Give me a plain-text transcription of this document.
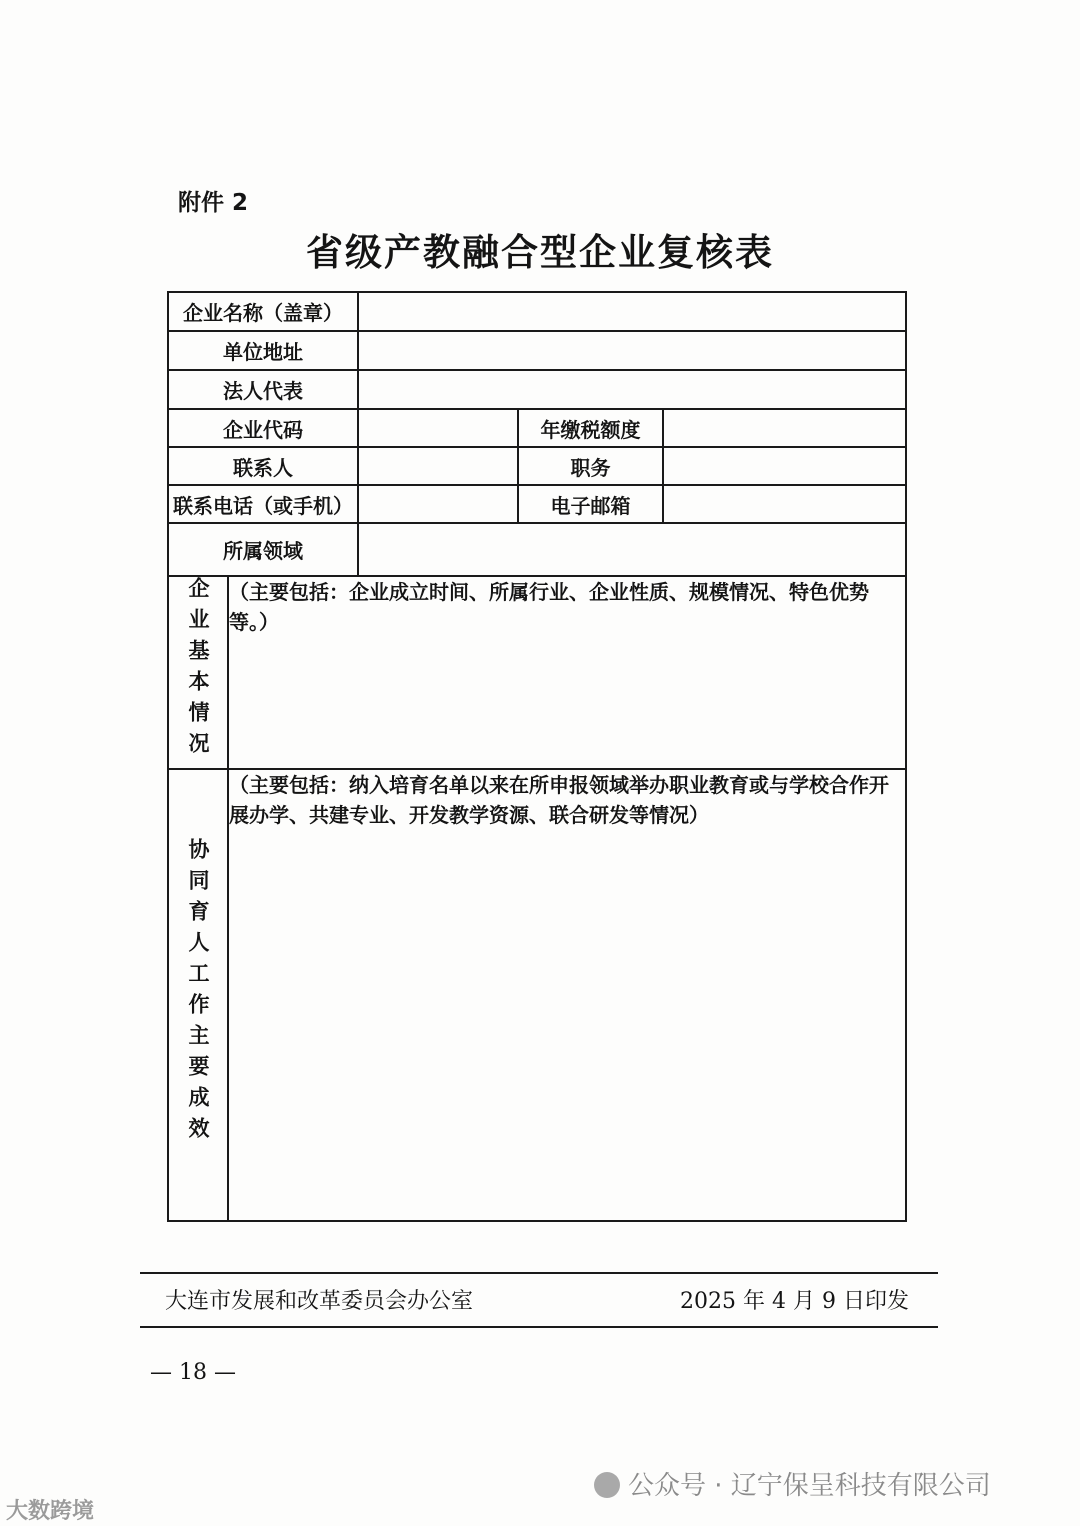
附件 2
省级产教融合型企业复核表
企业名称（盖章）				
单位地址				
法人代表				
企业代码			年缴税额度	
联系人			职务	
联系电话（或手机）			电子邮箱	
所属领域				
企业基本情况	（主要包括：企业成立时间、所属行业、企业性质、规模情况、特色优势等。）			
协同育人工作主要成效	（主要包括：纳入培育名单以来在所申报领域举办职业教育或与学校合作开展办学、共建专业、开发教学资源、联合研发等情况）			
大连市发展和改革委员会办公室	2025 年 4 月 9 日印发
— 18 —
公众号 · 辽宁保呈科技有限公司
大数跨境
